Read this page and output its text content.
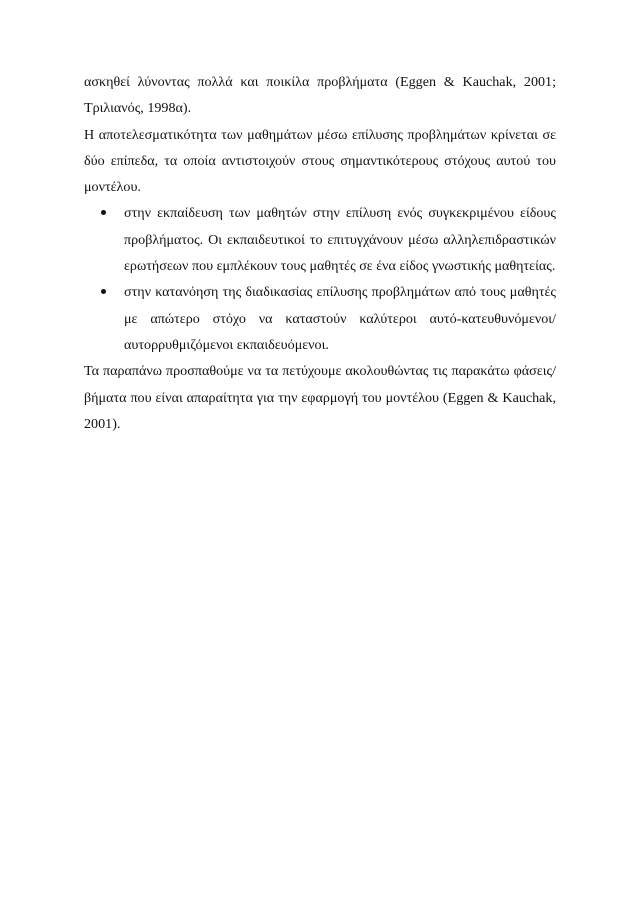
ασκηθεί λύνοντας πολλά και ποικίλα προβλήματα (Eggen & Kauchak, 2001; Τριλιανός, 1998α).

Η αποτελεσματικότητα των μαθημάτων μέσω επίλυσης προβλημάτων κρίνεται σε δύο επίπεδα, τα οποία αντιστοιχούν στους σημαντικότερους στόχους αυτού του μοντέλου.

στην εκπαίδευση των μαθητών στην επίλυση ενός συγκεκριμένου είδους προβλήματος. Οι εκπαιδευτικοί το επιτυγχάνουν μέσω αλληλεπιδραστικών ερωτήσεων που εμπλέκουν τους μαθητές σε ένα είδος γνωστικής μαθητείας.
στην κατανόηση της διαδικασίας επίλυσης προβλημάτων από τους μαθητές με απώτερο στόχο να καταστούν καλύτεροι αυτό-κατευθυνόμενοι/ αυτορρυθμιζόμενοι εκπαιδευόμενοι.

Τα παραπάνω προσπαθούμε να τα πετύχουμε ακολουθώντας τις παρακάτω φάσεις/ βήματα που είναι απαραίτητα για την εφαρμογή του μοντέλου (Eggen & Kauchak, 2001).
